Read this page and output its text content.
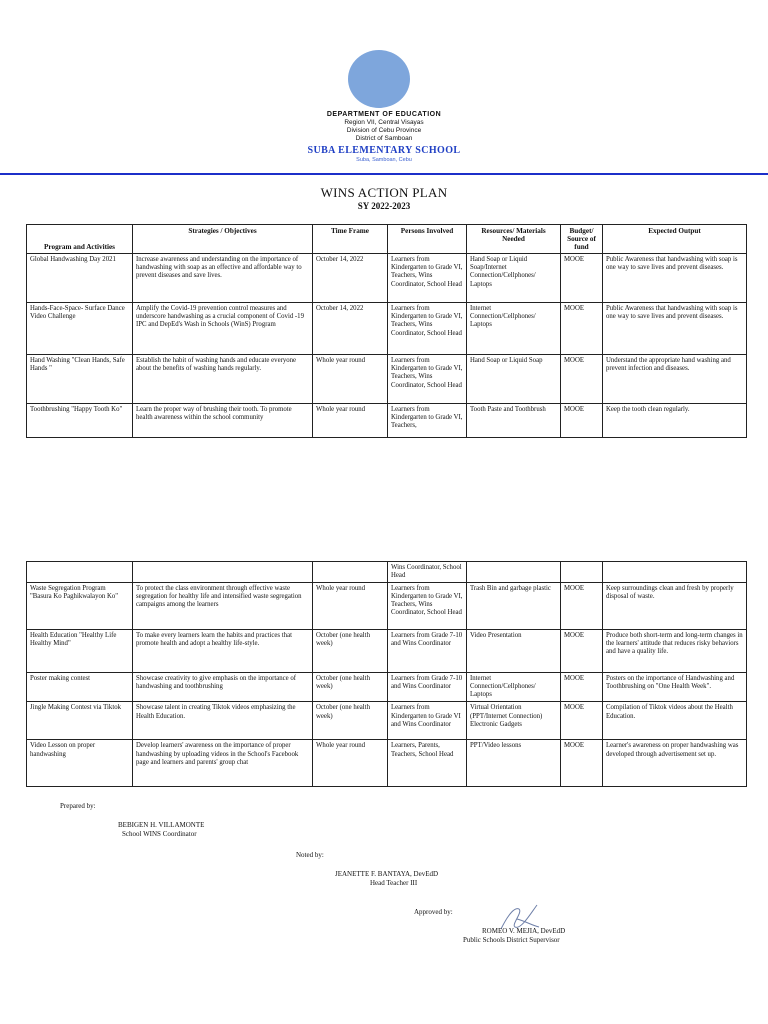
DEPARTMENT OF EDUCATION
Region VII, Central Visayas
Division of Cebu Province
District of Samboan
SUBA ELEMENTARY SCHOOL
Suba, Samboan, Cebu
WINS ACTION PLAN
SY 2022-2023
Program and Activities	Strategies / Objectives	Time Frame	Persons Involved	Resources/ Materials Needed	Budget/ Source of fund	Expected Output
Global Handwashing Day 2021	Increase awareness and understanding on the importance of handwashing with soap as an effective and affordable way to prevent diseases and save lives.	October 14, 2022	Learners from Kindergarten to Grade VI, Teachers, Wins Coordinator, School Head	Hand Soap or Liquid Soap/Internet Connection/Cellphones/ Laptops	MOOE	Public Awareness that handwashing with soap is one way to save lives and prevent diseases.
Hands-Face-Space- Surface Dance Video Challenge	Amplify the Covid-19 prevention control measures and underscore handwashing as a crucial component of Covid -19 IPC and DepEd's Wash in Schools (WinS) Program	October 14, 2022	Learners from Kindergarten to Grade VI, Teachers, Wins Coordinator, School Head	Internet Connection/Cellphones/ Laptops	MOOE	Public Awareness that handwashing with soap is one way to save lives and prevent diseases.
Hand Washing "Clean Hands, Safe Hands "	Establish the habit of washing hands and educate everyone about the benefits of washing hands regularly.	Whole year round	Learners from Kindergarten to Grade VI, Teachers, Wins Coordinator, School Head	Hand Soap or Liquid Soap	MOOE	Understand the appropriate hand washing and prevent infection and diseases.
Toothbrushing "Happy Tooth Ko"	Learn the proper way of brushing their tooth. To promote health awareness within the school community	Whole year round	Learners from Kindergarten to Grade VI, Teachers,	Tooth Paste and Toothbrush	MOOE	Keep the tooth clean regularly.
			Wins Coordinator, School Head			
Waste Segregation Program "Basura Ko Paghikwalayon Ko"	To protect the class environment through effective waste segregation for healthy life and intensified waste segregation campaigns among the learners	Whole year round	Learners from Kindergarten to Grade VI, Teachers, Wins Coordinator, School Head	Trash Bin and garbage plastic	MOOE	Keep surroundings clean and fresh by properly disposal of waste.
Health Education "Healthy Life Healthy Mind"	To make every learners learn the habits and practices that promote health and adopt a healthy life-style.	October (one health week)	Learners from Grade 7-10 and Wins Coordinator	Video Presentation	MOOE	Produce both short-term and long-term changes in the learners' attitude that reduces risky behaviors and have a quality life.
Poster making contest	Showcase creativity to give emphasis on the importance of handwashing and toothbrushing	October (one health week)	Learners from Grade 7-10 and Wins Coordinator	Internet Connection/Cellphones/ Laptops	MOOE	Posters on the importance of Handwashing and Toothbrushing on "One Health Week".
Jingle Making Contest via Tiktok	Showcase talent in creating Tiktok videos emphasizing the Health Education.	October (one health week)	Learners from Kindergarten to Grade VI and Wins Coordinator	Virtual Orientation (PPT/Internet Connection) Electronic Gadgets	MOOE	Compilation of Tiktok videos about the Health Education.
Video Lesson on proper handwashing	Develop learners' awareness on the importance of proper handwashing by uploading videos in the School's Facebook page and learners and parents' group chat	Whole year round	Learners, Parents, Teachers, School Head	PPT/Video lessons	MOOE	Learner's awareness on proper handwashing was developed through advertisement set up.
Prepared by:
BEBIGEN H. VILLAMONTE
School WINS Coordinator
Noted by:
JEANETTE F. BANTAYA, DevEdD
Head Teacher III
Approved by:
ROMEO V. MEJIA, DevEdD
Public Schools District Supervisor
